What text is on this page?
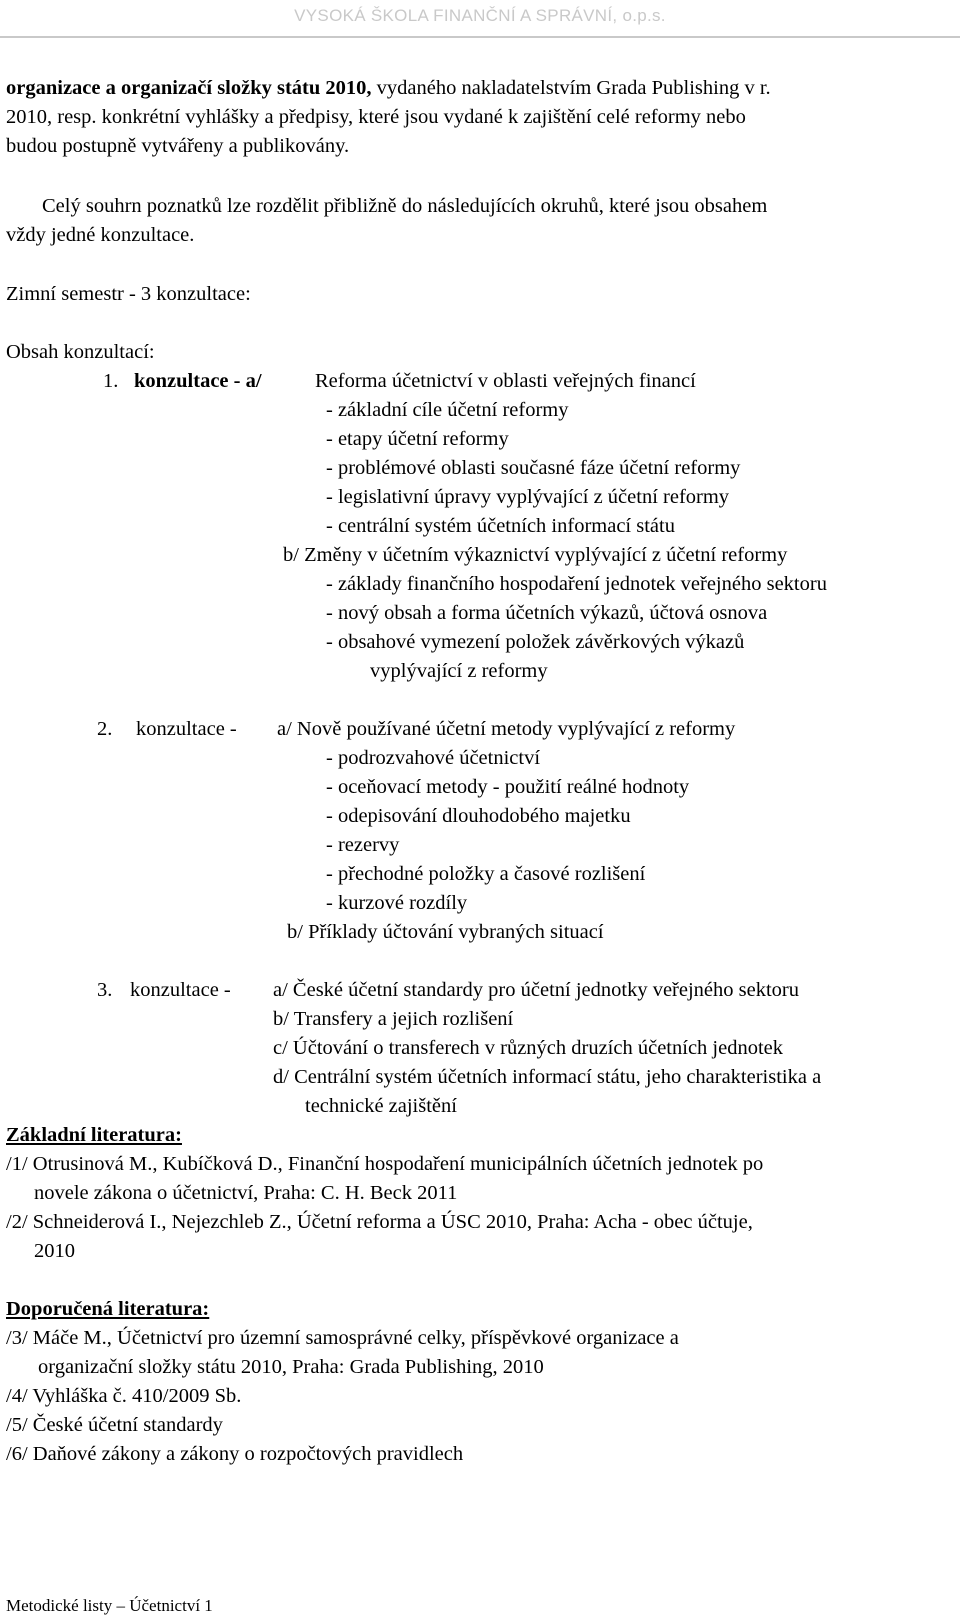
VYSOKÁ ŠKOLA FINANČNÍ A SPRÁVNÍ, o.p.s.
organizace a organizačí složky státu 2010, vydaného nakladatelstvím Grada Publishing v r.
2010, resp. konkrétní vyhlášky a předpisy, které jsou vydané k zajištění celé reformy nebo
budou postupně vytvářeny a publikovány.
Celý souhrn poznatků lze rozdělit přibližně do následujících okruhů, které jsou obsahem
vždy jedné konzultace.
Zimní semestr - 3 konzultace:
Obsah konzultací:
1. konzultace - a/	Reforma účetnictví v oblasti veřejných financí
- základní cíle účetní reformy
- etapy účetní reformy
- problémové oblasti současné fáze účetní reformy
- legislativní úpravy vyplývající z účetní reformy
- centrální systém účetních informací státu
b/ Změny v účetním výkaznictví vyplývající z účetní reformy
- základy finančního hospodaření jednotek veřejného sektoru
- nový obsah a forma účetních výkazů, účtová osnova
- obsahové vymezení položek závěrkových výkazů
vyplývající z reformy
2. konzultace - a/ Nově používané účetní metody vyplývající z reformy
- podrozvahové účetnictví
- oceňovací metody - použití reálné hodnoty
- odepisování dlouhodobého majetku
- rezervy
- přechodné položky a časové rozlišení
- kurzové rozdíly
b/ Příklady účtování vybraných situací
3. konzultace - a/ České účetní standardy pro účetní jednotky veřejného sektoru
b/ Transfery a jejich rozlišení
c/ Účtování o transferech v různých druzích účetních jednotek
d/ Centrální systém účetních informací státu, jeho charakteristika a
technické zajištění
Základní literatura:
/1/ Otrusinová M., Kubíčková D., Finanční hospodaření municipálních účetních jednotek po
novele zákona o účetnictví, Praha: C. H. Beck 2011
/2/ Schneiderová I., Nejezchleb Z., Účetní reforma a ÚSC 2010, Praha: Acha - obec účtuje,
2010
Doporučená literatura:
/3/ Máče M., Účetnictví pro územní samosprávné celky, příspěvkové organizace a
organizační složky státu 2010, Praha: Grada Publishing, 2010
/4/ Vyhláška č. 410/2009 Sb.
/5/ České účetní standardy
/6/ Daňové zákony a zákony o rozpočtových pravidlech
Metodické listy – Účetnictví 1
